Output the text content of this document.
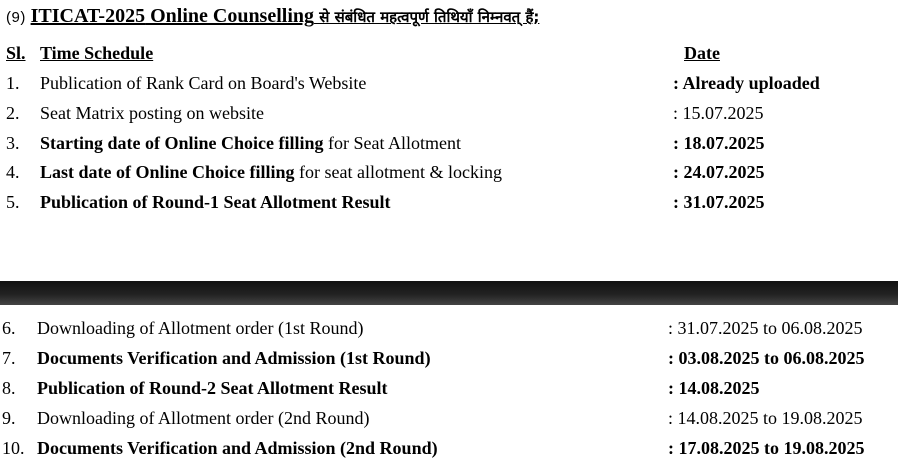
(9) ITICAT-2025 Online Counselling से संबंधित महत्वपूर्ण तिथियाँ निम्नवत् हैं;
Sl. Time Schedule	Date
1. Publication of Rank Card on Board's Website	: Already uploaded
2. Seat Matrix posting on website	: 15.07.2025
3. Starting date of Online Choice filling for Seat Allotment	: 18.07.2025
4. Last date of Online Choice filling for seat allotment & locking	: 24.07.2025
5. Publication of Round-1 Seat Allotment Result	: 31.07.2025
6. Downloading of Allotment order (1st Round)	: 31.07.2025 to 06.08.2025
7. Documents Verification and Admission (1st Round)	: 03.08.2025 to 06.08.2025
8. Publication of Round-2 Seat Allotment Result	: 14.08.2025
9. Downloading of Allotment order (2nd Round)	: 14.08.2025 to 19.08.2025
10. Documents Verification and Admission (2nd Round)	: 17.08.2025 to 19.08.2025
